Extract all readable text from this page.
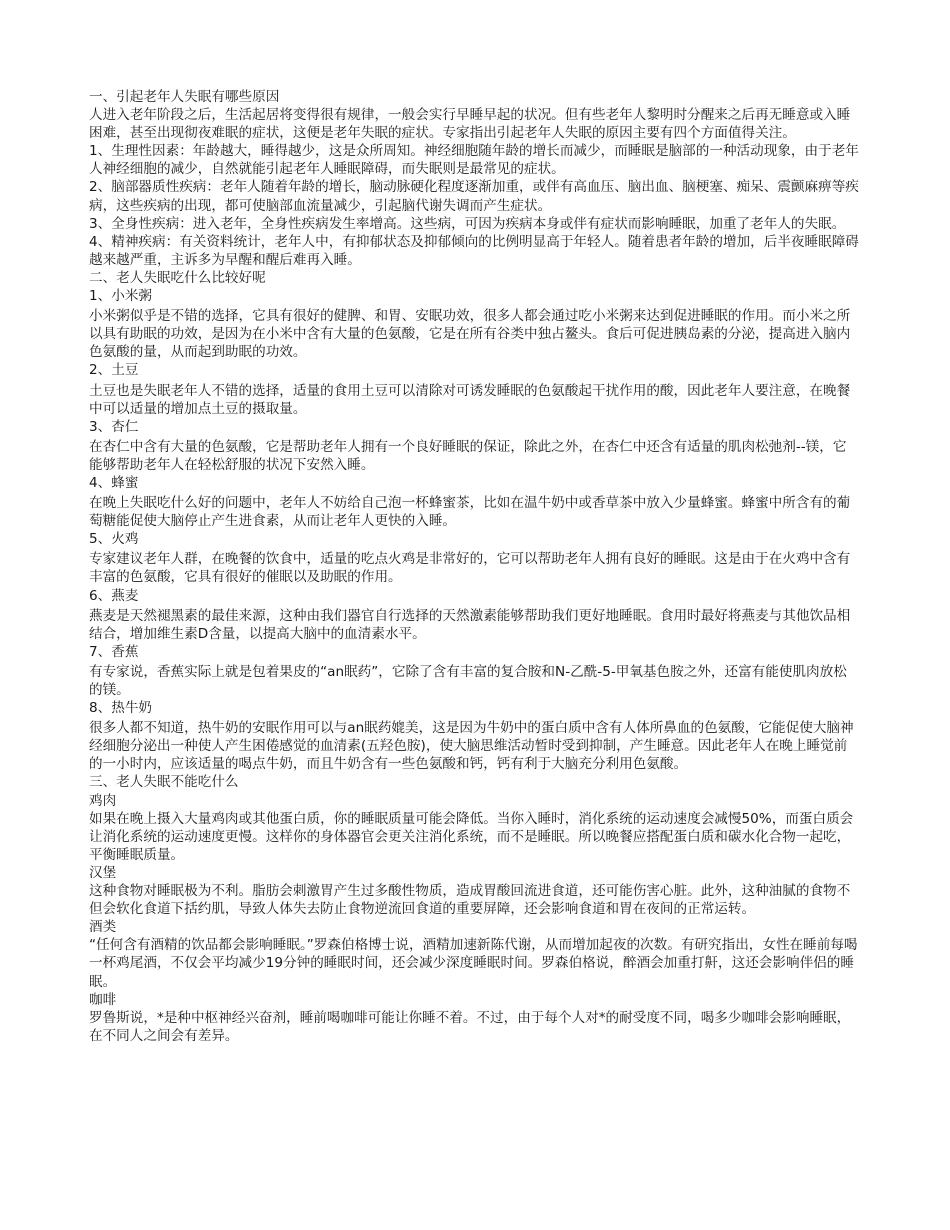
一、引起老年人失眠有哪些原因

人进入老年阶段之后，生活起居将变得很有规律，一般会实行早睡早起的状况。但有些老年人黎明时分醒来之后再无睡意或入睡困难，甚至出现彻夜难眠的症状，这便是老年失眠的症状。专家指出引起老年人失眠的原因主要有四个方面值得关注。

1、生理性因素：年龄越大，睡得越少，这是众所周知。神经细胞随年龄的增长而减少，而睡眠是脑部的一种活动现象，由于老年人神经细胞的减少，自然就能引起老年人睡眠障碍，而失眠则是最常见的症状。

2、脑部器质性疾病：老年人随着年龄的增长，脑动脉硬化程度逐渐加重，或伴有高血压、脑出血、脑梗塞、痴呆、震颤麻痹等疾病，这些疾病的出现，都可使脑部血流量减少，引起脑代谢失调而产生症状。

3、全身性疾病：进入老年，全身性疾病发生率增高。这些病，可因为疾病本身或伴有症状而影响睡眠，加重了老年人的失眠。

4、精神疾病：有关资料统计，老年人中，有抑郁状态及抑郁倾向的比例明显高于年轻人。随着患者年龄的增加，后半夜睡眠障碍越来越严重，主诉多为早醒和醒后难再入睡。

二、老人失眠吃什么比较好呢

1、小米粥

小米粥似乎是不错的选择，它具有很好的健脾、和胃、安眠功效，很多人都会通过吃小米粥来达到促进睡眠的作用。而小米之所以具有助眠的功效，是因为在小米中含有大量的色氨酸，它是在所有谷类中独占鳌头。食后可促进胰岛素的分泌，提高进入脑内色氨酸的量，从而起到助眠的功效。

2、土豆

土豆也是失眠老年人不错的选择，适量的食用土豆可以清除对可诱发睡眠的色氨酸起干扰作用的酸，因此老年人要注意，在晚餐中可以适量的增加点土豆的摄取量。

3、杏仁

在杏仁中含有大量的色氨酸，它是帮助老年人拥有一个良好睡眠的保证，除此之外，在杏仁中还含有适量的肌肉松弛剂--镁，它能够帮助老年人在轻松舒服的状况下安然入睡。

4、蜂蜜

在晚上失眠吃什么好的问题中，老年人不妨给自己泡一杯蜂蜜茶，比如在温牛奶中或香草茶中放入少量蜂蜜。蜂蜜中所含有的葡萄糖能促使大脑停止产生进食素，从而让老年人更快的入睡。

5、火鸡

专家建议老年人群，在晚餐的饮食中，适量的吃点火鸡是非常好的，它可以帮助老年人拥有良好的睡眠。这是由于在火鸡中含有丰富的色氨酸，它具有很好的催眠以及助眠的作用。

6、燕麦

燕麦是天然褪黑素的最佳来源，这种由我们器官自行选择的天然激素能够帮助我们更好地睡眠。食用时最好将燕麦与其他饮品相结合，增加维生素D含量，以提高大脑中的血清素水平。

7、香蕉

有专家说，香蕉实际上就是包着果皮的“an眠药”，它除了含有丰富的复合胺和N-乙酰-5-甲氧基色胺之外，还富有能使肌肉放松的镁。

8、热牛奶

很多人都不知道，热牛奶的安眠作用可以与an眠药媲美，这是因为牛奶中的蛋白质中含有人体所鼻血的色氨酸，它能促使大脑神经细胞分泌出一种使人产生困倦感觉的血清素(五羟色胺)，使大脑思维活动暂时受到抑制，产生睡意。因此老年人在晚上睡觉前的一小时内，应该适量的喝点牛奶，而且牛奶含有一些色氨酸和钙，钙有利于大脑充分利用色氨酸。

三、老人失眠不能吃什么

鸡肉

如果在晚上摄入大量鸡肉或其他蛋白质，你的睡眠质量可能会降低。当你入睡时，消化系统的运动速度会减慢50%，而蛋白质会让消化系统的运动速度更慢。这样你的身体器官会更关注消化系统，而不是睡眠。所以晚餐应搭配蛋白质和碳水化合物一起吃，平衡睡眠质量。

汉堡

这种食物对睡眠极为不利。脂肪会刺激胃产生过多酸性物质，造成胃酸回流进食道，还可能伤害心脏。此外，这种油腻的食物不但会软化食道下括约肌，导致人体失去防止食物逆流回食道的重要屏障，还会影响食道和胃在夜间的正常运转。

酒类

“任何含有酒精的饮品都会影响睡眠。”罗森伯格博士说，酒精加速新陈代谢，从而增加起夜的次数。有研究指出，女性在睡前每喝一杯鸡尾酒，不仅会平均减少19分钟的睡眠时间，还会减少深度睡眠时间。罗森伯格说，醉酒会加重打鼾，这还会影响伴侣的睡眠。

咖啡

罗鲁斯说，*是种中枢神经兴奋剂，睡前喝咖啡可能让你睡不着。不过，由于每个人对*的耐受度不同，喝多少咖啡会影响睡眠，在不同人之间会有差异。
